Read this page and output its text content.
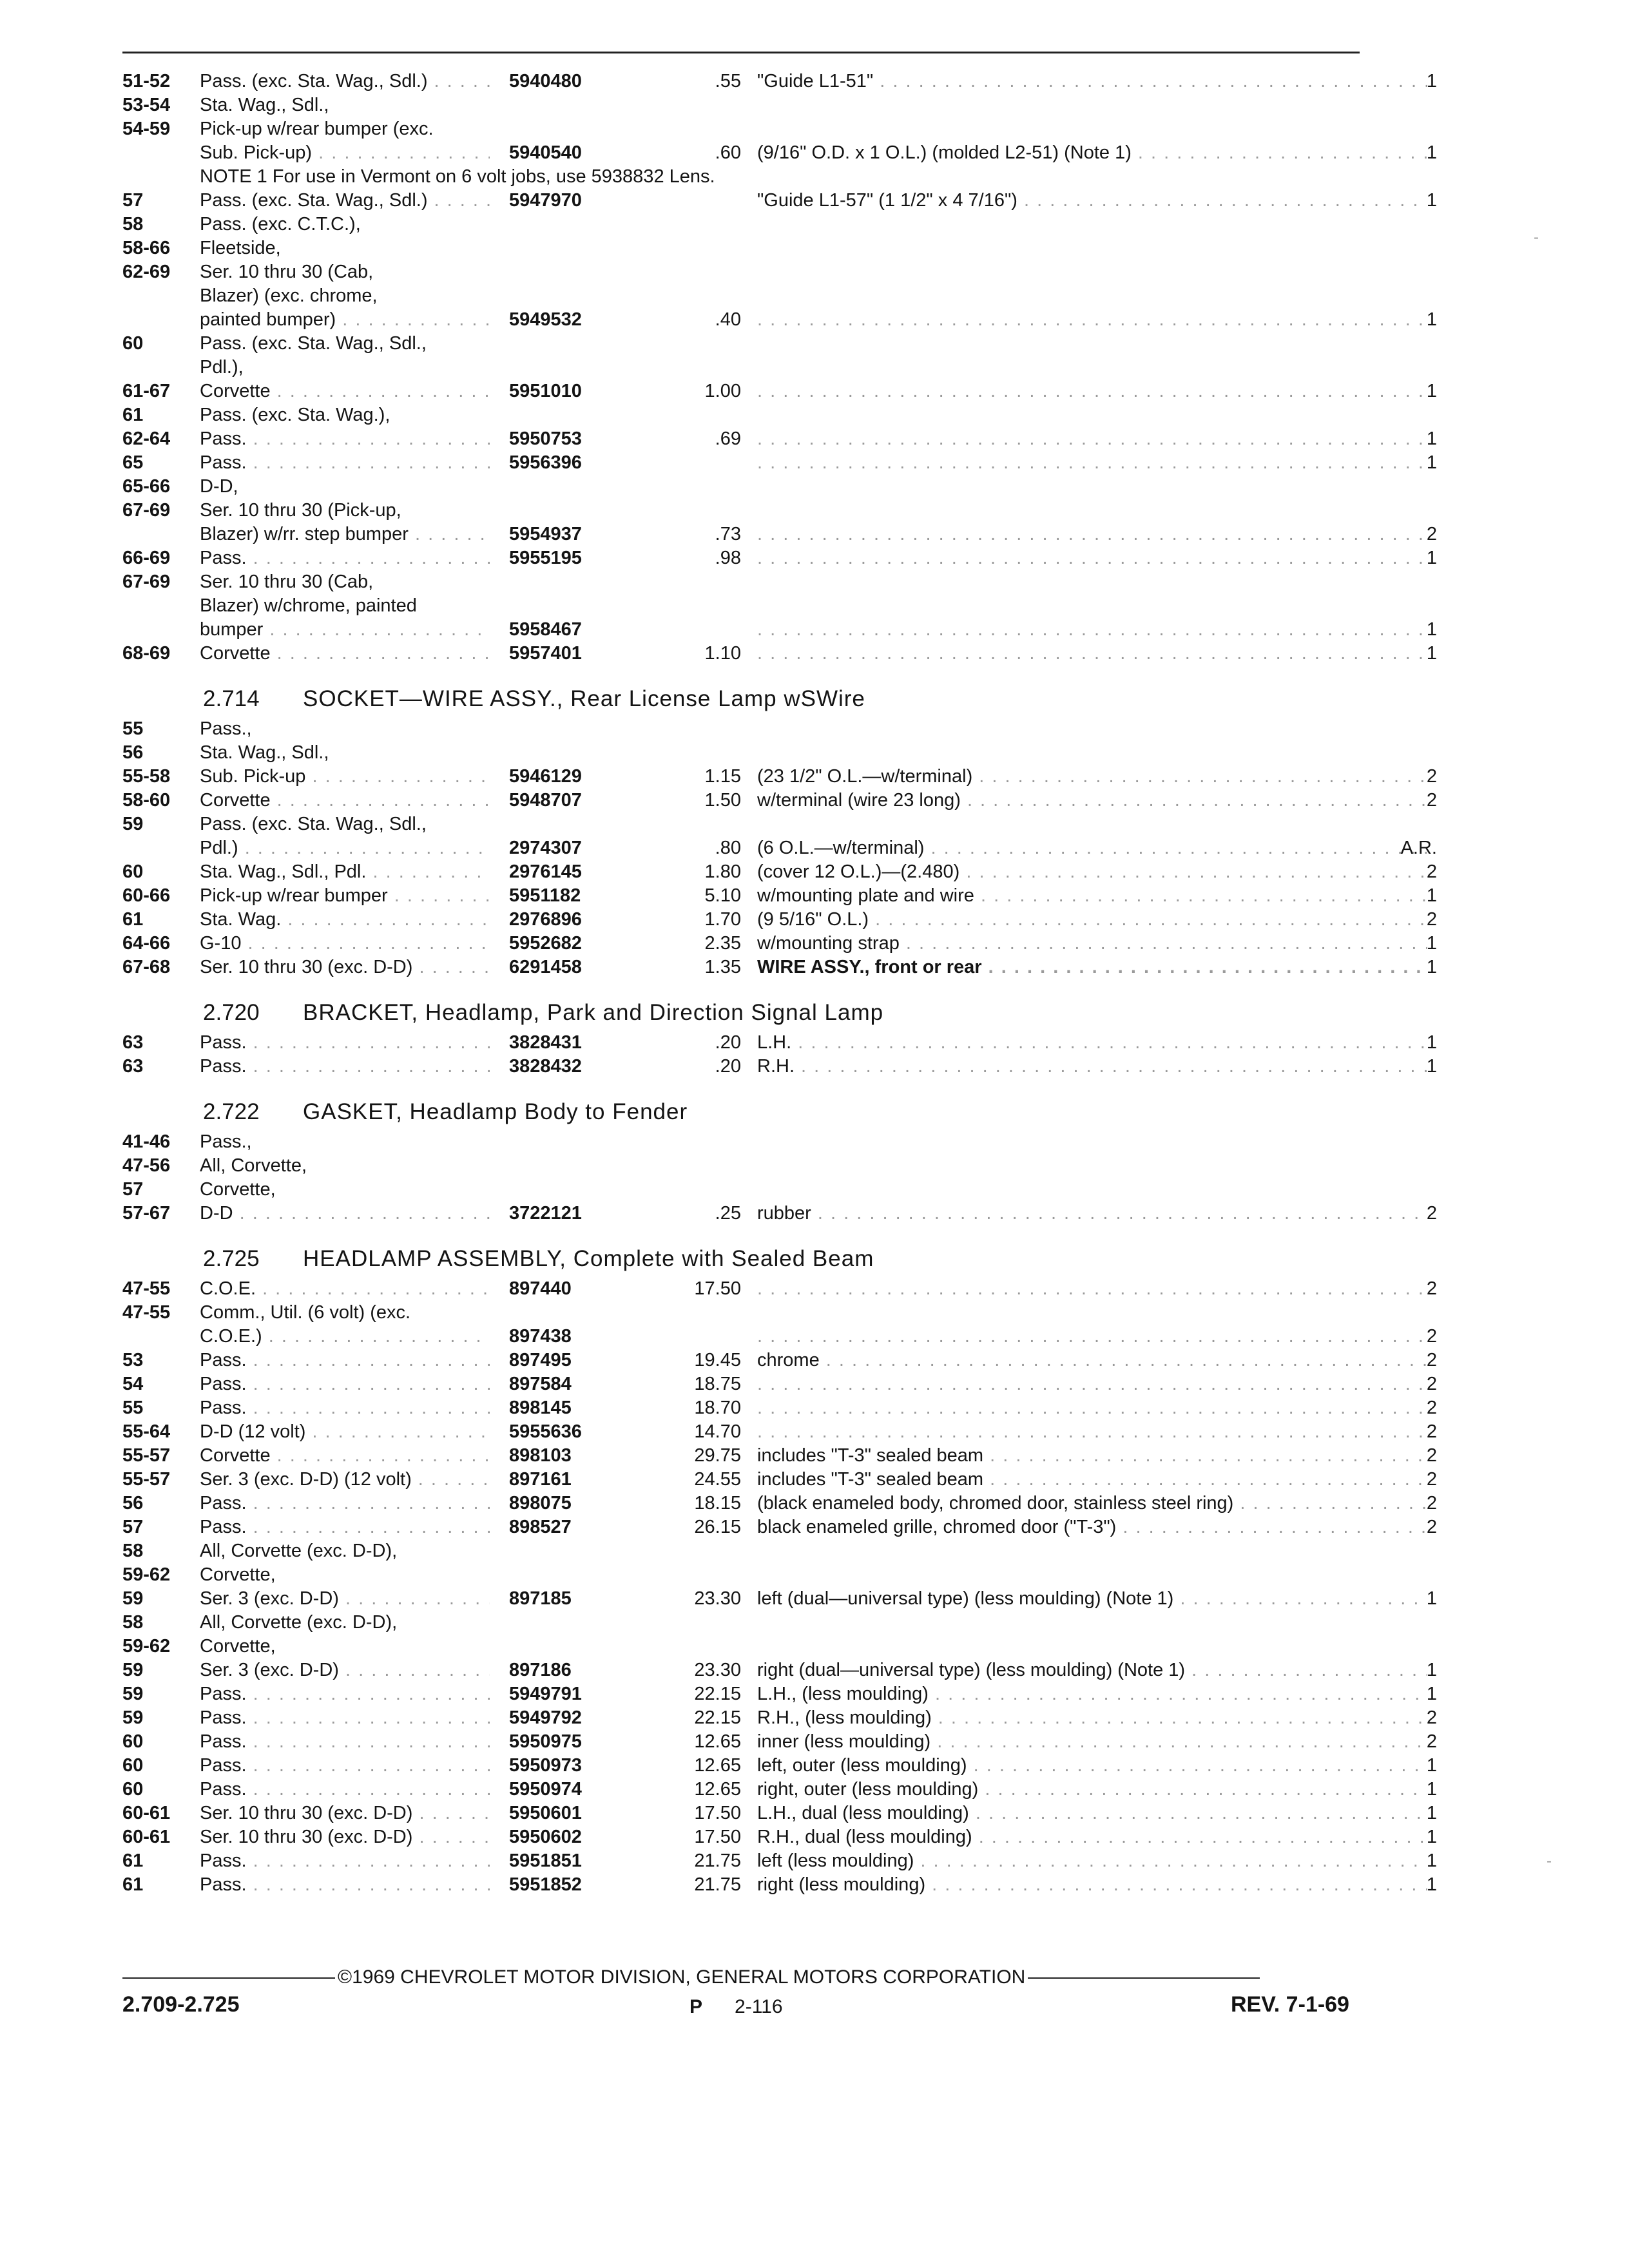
51-52	Pass. (exc. Sta. Wag., Sdl.) . . .	5940480	.55 "Guide L1-51" . . .	1
53-54	Sta. Wag., Sdl.,
54-59	Pick-up w/rear bumper (exc.
Sub. Pick-up) . . .	5940540	.60 (9/16" O.D. x 1 O.L.) (molded L2-51) (Note 1) . . .	1
NOTE 1 For use in Vermont on 6 volt jobs, use 5938832 Lens.
57	Pass. (exc. Sta. Wag., Sdl.) . . .	5947970	"Guide L1-57" (1 1/2" x 4 7/16") . . .	1
58	Pass. (exc. C.T.C.),
58-66	Fleetside,
62-69	Ser. 10 thru 30 (Cab,
Blazer) (exc. chrome,
painted bumper) . . .	5949532	.40 . . .	1
60	Pass. (exc. Sta. Wag., Sdl.,
Pdl.),
61-67	Corvette . . .	5951010	1.00 . . .	1
61	Pass. (exc. Sta. Wag.),
62-64	Pass. . . .	5950753	.69 . . .	1
65	Pass. . . .	5956396 . . .	1
65-66	D-D,
67-69	Ser. 10 thru 30 (Pick-up,
Blazer) w/rr. step bumper . . .	5954937	.73 . . .	2
66-69	Pass. . . .	5955195	.98 . . .	1
67-69	Ser. 10 thru 30 (Cab,
Blazer) w/chrome, painted
bumper . . .	5958467 . . .	1
68-69	Corvette . . .	5957401	1.10 . . .	1
2.714 SOCKET—WIRE ASSY., Rear License Lamp wSWire
55	Pass.,
56	Sta. Wag., Sdl.,
55-58	Sub. Pick-up . . .	5946129	1.15 (23 1/2" O.L.—w/terminal) . . .	2
58-60	Corvette . . .	5948707	1.50 w/terminal (wire 23 long) . . .	2
59	Pass. (exc. Sta. Wag., Sdl.,
Pdl.) . . .	2974307	.80 (6 O.L.—w/terminal) . . .	A.R.
60	Sta. Wag., Sdl., Pdl. . . .	2976145	1.80 (cover 12 O.L.)—(2.480) . . .	2
60-66	Pick-up w/rear bumper . . .	5951182	5.10 w/mounting plate and wire . . .	1
61	Sta. Wag. . . .	2976896	1.70 (9 5/16" O.L.) . . .	2
64-66	G-10 . . .	5952682	2.35 w/mounting strap . . .	1
67-68	Ser. 10 thru 30 (exc. D-D) . . .	6291458	1.35 WIRE ASSY., front or rear . . .	1
2.720 BRACKET, Headlamp, Park and Direction Signal Lamp
63	Pass. . . .	3828431	.20 L.H. . . .	1
63	Pass. . . .	3828432	.20 R.H. . . .	1
2.722 GASKET, Headlamp Body to Fender
41-46	Pass.,
47-56	All, Corvette,
57	Corvette,
57-67	D-D . . .	3722121	.25 rubber . . .	2
2.725 HEADLAMP ASSEMBLY, Complete with Sealed Beam
47-55	C.O.E. . . .	897440	17.50 . . .	2
47-55	Comm., Util. (6 volt) (exc.
C.O.E.) . . .	897438 . . .	2
53	Pass. . . .	897495	19.45 chrome . . .	2
54	Pass. . . .	897584	18.75 . . .	2
55	Pass. . . .	898145	18.70 . . .	2
55-64	D-D (12 volt) . . .	5955636	14.70 . . .	2
55-57	Corvette . . .	898103	29.75 includes "T-3" sealed beam . . .	2
55-57	Ser. 3 (exc. D-D) (12 volt) . . .	897161	24.55 includes "T-3" sealed beam . . .	2
56	Pass. . . .	898075	18.15 (black enameled body, chromed door, stainless steel ring) . . .	2
57	Pass. . . .	898527	26.15 black enameled grille, chromed door ("T-3") . . .	2
58	All, Corvette (exc. D-D),
59-62	Corvette,
59	Ser. 3 (exc. D-D) . . .	897185	23.30 left (dual—universal type) (less moulding) (Note 1) . . .	1
58	All, Corvette (exc. D-D),
59-62	Corvette,
59	Ser. 3 (exc. D-D) . . .	897186	23.30 right (dual—universal type) (less moulding) (Note 1) . . .	1
59	Pass. . . .	5949791	22.15 L.H., (less moulding) . . .	1
59	Pass. . . .	5949792	22.15 R.H., (less moulding) . . .	2
60	Pass. . . .	5950975	12.65 inner (less moulding) . . .	2
60	Pass. . . .	5950973	12.65 left, outer (less moulding) . . .	1
60	Pass. . . .	5950974	12.65 right, outer (less moulding) . . .	1
60-61	Ser. 10 thru 30 (exc. D-D) . . .	5950601	17.50 L.H., dual (less moulding) . . .	1
60-61	Ser. 10 thru 30 (exc. D-D) . . .	5950602	17.50 R.H., dual (less moulding) . . .	1
61	Pass. . . .	5951851	21.75 left (less moulding) . . .	1
61	Pass. . . .	5951852	21.75 right (less moulding) . . .	1
©1969 CHEVROLET MOTOR DIVISION, GENERAL MOTORS CORPORATION
2.709-2.725	P 2-116	REV. 7-1-69
-
-
